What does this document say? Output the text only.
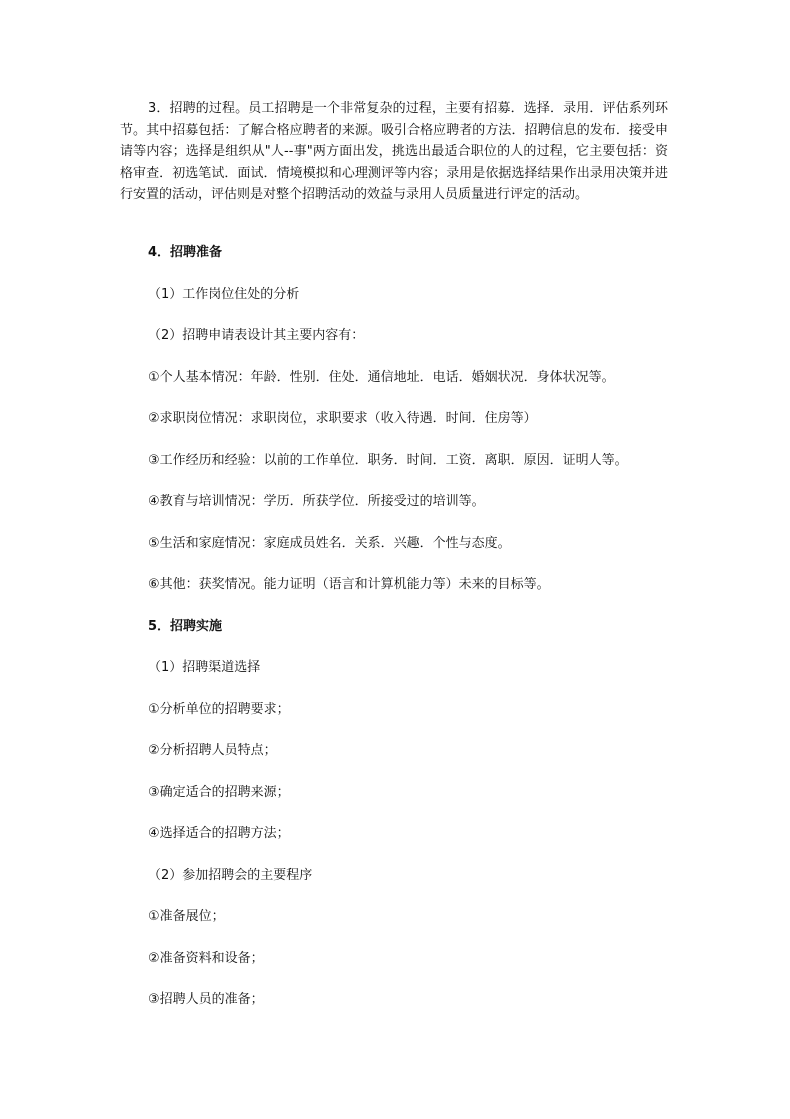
3．招聘的过程。员工招聘是一个非常复杂的过程，主要有招募．选择．录用．评估系列环节。其中招募包括：了解合格应聘者的来源。吸引合格应聘者的方法．招聘信息的发布．接受申请等内容；选择是组织从"人--事"两方面出发，挑选出最适合职位的人的过程，它主要包括：资格审查．初选笔试．面试．情境模拟和心理测评等内容；录用是依据选择结果作出录用决策并进行安置的活动，评估则是对整个招聘活动的效益与录用人员质量进行评定的活动。

4．招聘准备

（1）工作岗位住处的分析

（2）招聘申请表设计其主要内容有：

①个人基本情况：年龄．性别．住处．通信地址．电话．婚姻状况．身体状况等。

②求职岗位情况：求职岗位，求职要求（收入待遇．时间．住房等）

③工作经历和经验：以前的工作单位．职务．时间．工资．离职．原因．证明人等。

④教育与培训情况：学历．所获学位．所接受过的培训等。

⑤生活和家庭情况：家庭成员姓名．关系．兴趣．个性与态度。

⑥其他：获奖情况。能力证明（语言和计算机能力等）未来的目标等。

5．招聘实施

（1）招聘渠道选择

①分析单位的招聘要求；

②分析招聘人员特点；

③确定适合的招聘来源；

④选择适合的招聘方法；

（2）参加招聘会的主要程序

①准备展位；

②准备资料和设备；

③招聘人员的准备；
